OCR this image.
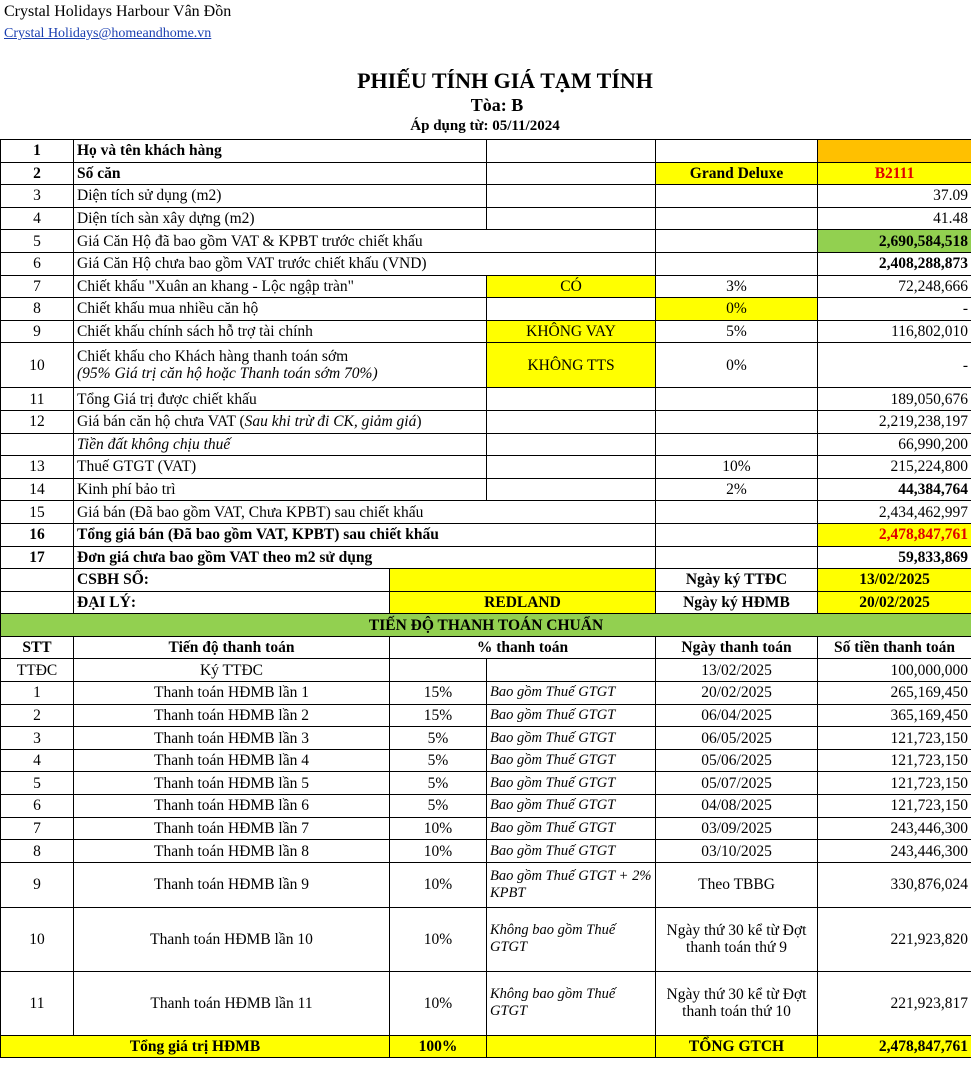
Crystal Holidays Harbour Vân Đồn
Crystal Holidays@homeandhome.vn
PHIẾU TÍNH GIÁ TẠM TÍNH
Tòa: B
Áp dụng từ: 05/11/2024
1	Họ và tên khách hàng				
2	Số căn			Grand Deluxe	B2111
3	Diện tích sử dụng (m2)				37.09
4	Diện tích sàn xây dựng (m2)				41.48
5	Giá Căn Hộ đã bao gồm VAT & KPBT trước chiết khấu				2,690,584,518
6	Giá Căn Hộ chưa bao gồm VAT trước chiết khấu (VND)				2,408,288,873
7	Chiết khấu "Xuân an khang - Lộc ngập tràn"		CÓ	3%	72,248,666
8	Chiết khấu mua nhiều căn hộ			0%	-
9	Chiết khấu chính sách hỗ trợ tài chính		KHÔNG VAY	5%	116,802,010
10	Chiết khấu cho Khách hàng thanh toán sớm
(95% Giá trị căn hộ hoặc Thanh toán sớm 70%)		KHÔNG TTS	0%	-
11	Tổng Giá trị được chiết khấu				189,050,676
12	Giá bán căn hộ chưa VAT (Sau khi trừ đi CK, giảm giá)				2,219,238,197
	Tiền đất không chịu thuế				66,990,200
13	Thuế GTGT (VAT)			10%	215,224,800
14	Kinh phí bảo trì			2%	44,384,764
15	Giá bán (Đã bao gồm VAT, Chưa KPBT) sau chiết khấu				2,434,462,997
16	Tổng giá bán (Đã bao gồm VAT, KPBT) sau chiết khấu				2,478,847,761
17	Đơn giá chưa bao gồm VAT theo m2 sử dụng				59,833,869
	CSBH SỐ:			Ngày ký TTĐC	13/02/2025
	ĐẠI LÝ:	REDLAND		Ngày ký HĐMB	20/02/2025
TIẾN ĐỘ THANH TOÁN CHUẨN					
STT	Tiến độ thanh toán	% thanh toán		Ngày thanh toán	Số tiền thanh toán
TTĐC	Ký TTĐC			13/02/2025	100,000,000
1	Thanh toán HĐMB lần 1	15%	Bao gồm Thuế GTGT	20/02/2025	265,169,450
2	Thanh toán HĐMB lần 2	15%	Bao gồm Thuế GTGT	06/04/2025	365,169,450
3	Thanh toán HĐMB lần 3	5%	Bao gồm Thuế GTGT	06/05/2025	121,723,150
4	Thanh toán HĐMB lần 4	5%	Bao gồm Thuế GTGT	05/06/2025	121,723,150
5	Thanh toán HĐMB lần 5	5%	Bao gồm Thuế GTGT	05/07/2025	121,723,150
6	Thanh toán HĐMB lần 6	5%	Bao gồm Thuế GTGT	04/08/2025	121,723,150
7	Thanh toán HĐMB lần 7	10%	Bao gồm Thuế GTGT	03/09/2025	243,446,300
8	Thanh toán HĐMB lần 8	10%	Bao gồm Thuế GTGT	03/10/2025	243,446,300
9	Thanh toán HĐMB lần 9	10%	Bao gồm Thuế GTGT + 2% KPBT	Theo TBBG	330,876,024
10	Thanh toán HĐMB lần 10	10%	Không bao gồm Thuế GTGT	Ngày thứ 30 kể từ Đợt thanh toán thứ 9	221,923,820
11	Thanh toán HĐMB lần 11	10%	Không bao gồm Thuế GTGT	Ngày thứ 30 kể từ Đợt thanh toán thứ 10	221,923,817
Tổng giá trị HĐMB		100%		TỔNG GTCH	2,478,847,761
